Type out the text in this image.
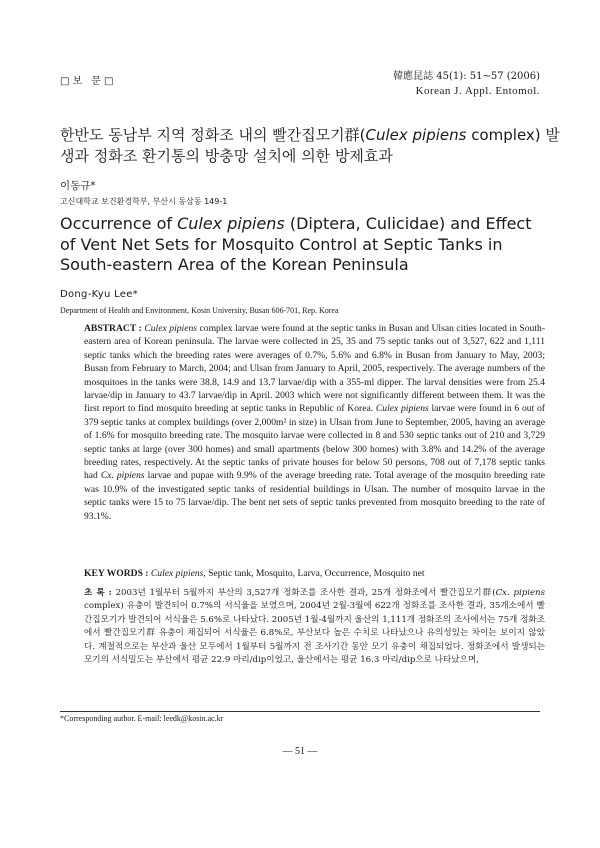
□보 문□	韓應昆誌 45(1): 51∼57 (2006)
Korean J. Appl. Entomol.
한반도 동남부 지역 정화조 내의 빨간집모기群(Culex pipiens complex) 발생과 정화조 환기통의 방충망 설치에 의한 방제효과
이동규*
고신대학교 보건환경학부, 부산시 동삼동 149-1
Occurrence of Culex pipiens (Diptera, Culicidae) and Effect of Vent Net Sets for Mosquito Control at Septic Tanks in South-eastern Area of the Korean Peninsula
Dong-Kyu Lee*
Department of Health and Environment, Kosin University, Busan 606-701, Rep. Korea
ABSTRACT : Culex pipiens complex larvae were found at the septic tanks in Busan and Ulsan cities located in South-eastern area of Korean peninsula. The larvae were collected in 25, 35 and 75 septic tanks out of 3,527, 622 and 1,111 septic tanks which the breeding rates were averages of 0.7%, 5.6% and 6.8% in Busan from January to May, 2003; Busan from February to March, 2004; and Ulsan from January to April, 2005, respectively. The average numbers of the mosquitoes in the tanks were 38.8, 14.9 and 13.7 larvae/dip with a 355-ml dipper. The larval densities were from 25.4 larvae/dip in January to 43.7 larvae/dip in April. 2003 which were not significantly different between them. It was the first report to find mosquito breeding at septic tanks in Republic of Korea. Culex pipiens larvae were found in 6 out of 379 septic tanks at complex buildings (over 2,000m² in size) in Ulsan from June to September, 2005, having an average of 1.6% for mosquito breeding rate. The mosquito larvae were collected in 8 and 530 septic tanks out of 210 and 3,729 septic tanks at large (over 300 homes) and small apartments (below 300 homes) with 3.8% and 14.2% of the average breeding rates, respectively. At the septic tanks of private houses for below 50 persons, 708 out of 7,178 septic tanks had Cx. pipiens larvae and pupae with 9.9% of the average breeding rate. Total average of the mosquito breeding rate was 10.9% of the investigated septic tanks of residential buildings in Ulsan. The number of mosquito larvae in the septic tanks were 15 to 75 larvae/dip. The bent net sets of septic tanks prevented from mosquito breeding to the rate of 93.1%.
KEY WORDS : Culex pipiens, Septic tank, Mosquito, Larva, Occurrence, Mosquito net
초 록 : 2003년 1월부터 5월까지 부산의 3,527개 정화조를 조사한 결과, 25개 정화조에서 빨간집모기群(Cx. pipiens complex) 유충이 발견되어 0.7%의 서식율을 보였으며, 2004년 2월-3월에 622개 정화조를 조사한 결과, 35개소에서 빨간집모기가 발견되어 서식율은 5.6%로 나타났다. 2005년 1월-4월까지 울산의 1,111개 정화조의 조사에서는 75개 정화조에서 빨간집모기群 유충이 채집되어 서식율은 6.8%로, 부산보다 높은 수치로 나타났으나 유의성있는 차이는 보이지 않았다. 계절적으로는 부산과 울산 모두에서 1월부터 5월까지 전 조사기간 동안 모기 유충이 채집되었다. 정화조에서 발생되는 모기의 서식밀도는 부산에서 평균 22.9 마리/dip이었고, 울산에서는 평균 16.3 마리/dip으로 나타났으며,
*Corresponding author. E-mail: leedk@kosin.ac.kr
― 51 ―
